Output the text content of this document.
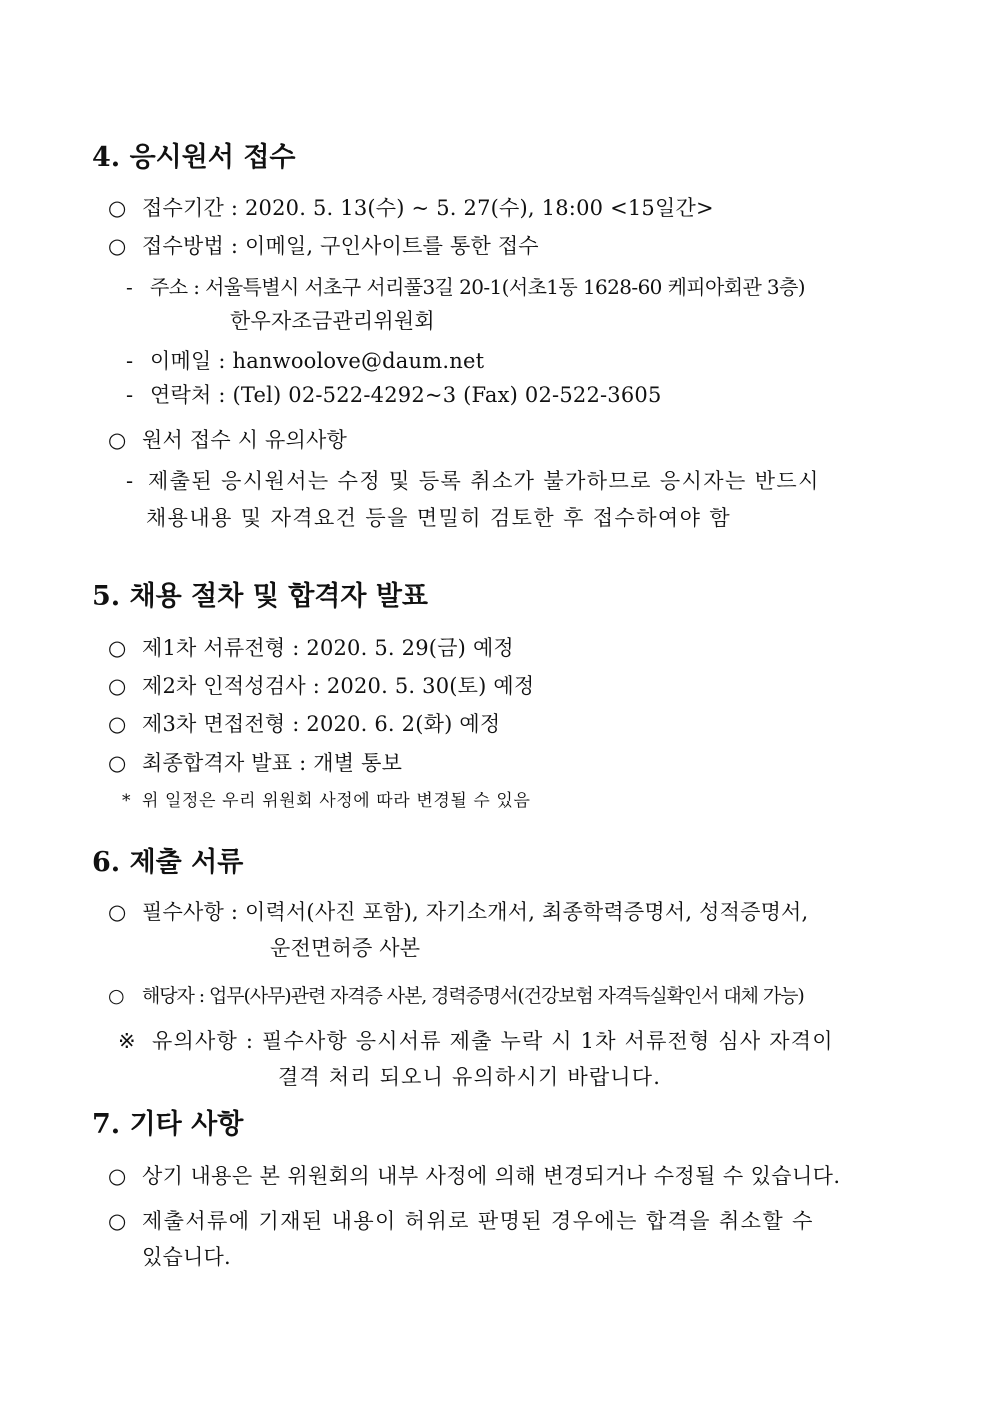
4. 응시원서 접수

○ 접수기간 : 2020. 5. 13(수) ~ 5. 27(수), 18:00 <15일간>

○ 접수방법 : 이메일, 구인사이트를 통한 접수

- 주소 : 서울특별시 서초구 서리풀3길 20-1(서초1동 1628-60 케피아회관 3층)

한우자조금관리위원회

- 이메일 : hanwoolove@daum.net

- 연락처 : (Tel) 02-522-4292~3 (Fax) 02-522-3605

○ 원서 접수 시 유의사항

- 제출된 응시원서는 수정 및 등록 취소가 불가하므로 응시자는 반드시

채용내용 및 자격요건 등을 면밀히 검토한 후 접수하여야 함

5. 채용 절차 및 합격자 발표

○ 제1차 서류전형 : 2020. 5. 29(금) 예정

○ 제2차 인적성검사 : 2020. 5. 30(토) 예정

○ 제3차 면접전형 : 2020. 6. 2(화) 예정

○ 최종합격자 발표 : 개별 통보

* 위 일정은 우리 위원회 사정에 따라 변경될 수 있음

6. 제출 서류

○ 필수사항 : 이력서(사진 포함), 자기소개서, 최종학력증명서, 성적증명서,

운전면허증 사본

○ 해당자 : 업무(사무)관련 자격증 사본, 경력증명서(건강보험 자격득실확인서 대체 가능)

※ 유의사항 : 필수사항 응시서류 제출 누락 시 1차 서류전형 심사 자격이

결격 처리 되오니 유의하시기 바랍니다.

7. 기타 사항

○ 상기 내용은 본 위원회의 내부 사정에 의해 변경되거나 수정될 수 있습니다.

○ 제출서류에 기재된 내용이 허위로 판명된 경우에는 합격을 취소할 수

있습니다.
